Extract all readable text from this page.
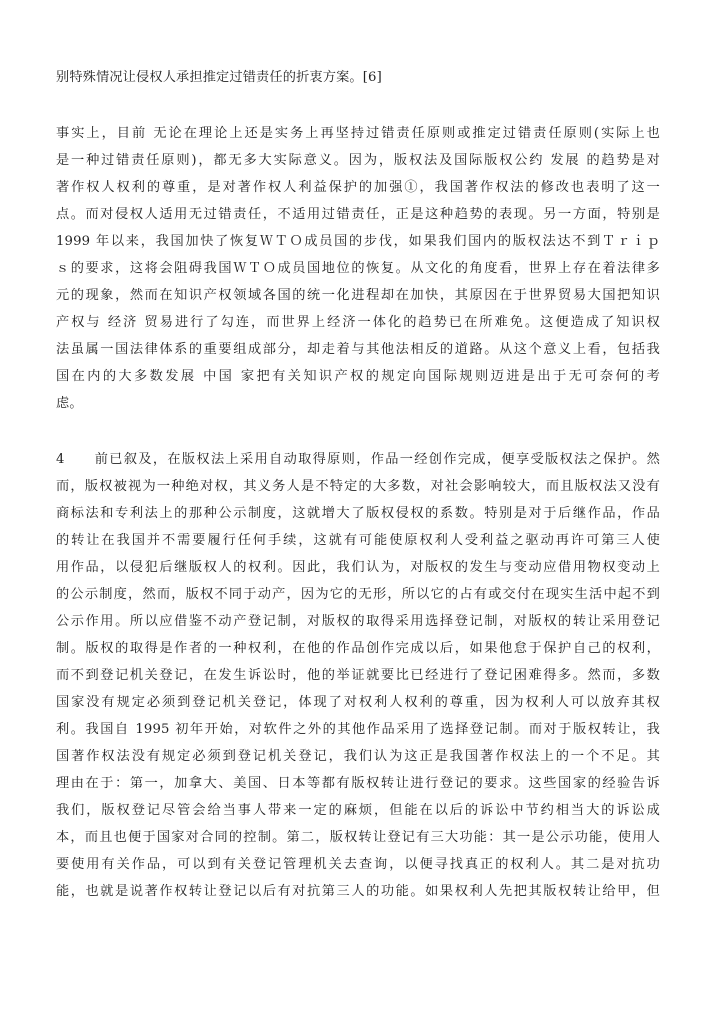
别特殊情况让侵权人承担推定过错责任的折衷方案。[6]
事实上，目前 无论在理论上还是实务上再坚持过错责任原则或推定过错责任原则(实际上也
是一种过错责任原则)，都无多大实际意义。因为，版权法及国际版权公约 发展 的趋势是对
著作权人权利的尊重，是对著作权人利益保护的加强①，我国著作权法的修改也表明了这一
点。而对侵权人适用无过错责任，不适用过错责任，正是这种趋势的表现。另一方面，特别是
1999 年以来，我国加快了恢复ＷＴＯ成员国的步伐，如果我们国内的版权法达不到Ｔｒｉｐ
ｓ的要求，这将会阻碍我国ＷＴＯ成员国地位的恢复。从文化的角度看，世界上存在着法律多
元的现象，然而在知识产权领域各国的统一化进程却在加快，其原因在于世界贸易大国把知识
产权与 经济 贸易进行了勾连，而世界上经济一体化的趋势已在所难免。这便造成了知识权
法虽属一国法律体系的重要组成部分，却走着与其他法相反的道路。从这个意义上看，包括我
国在内的大多数发展 中国 家把有关知识产权的规定向国际规则迈进是出于无可奈何的考
虑。
4　　前已叙及，在版权法上采用自动取得原则，作品一经创作完成，便享受版权法之保护。然
而，版权被视为一种绝对权，其义务人是不特定的大多数，对社会影响较大，而且版权法又没有
商标法和专利法上的那种公示制度，这就增大了版权侵权的系数。特别是对于后继作品，作品
的转让在我国并不需要履行任何手续，这就有可能使原权利人受利益之驱动再许可第三人使
用作品，以侵犯后继版权人的权利。因此，我们认为，对版权的发生与变动应借用物权变动上
的公示制度，然而，版权不同于动产，因为它的无形，所以它的占有或交付在现实生活中起不到
公示作用。所以应借鉴不动产登记制，对版权的取得采用选择登记制，对版权的转让采用登记
制。版权的取得是作者的一种权利，在他的作品创作完成以后，如果他怠于保护自己的权利，
而不到登记机关登记，在发生诉讼时，他的举证就要比已经进行了登记困难得多。然而，多数
国家没有规定必须到登记机关登记，体现了对权利人权利的尊重，因为权利人可以放弃其权
利。我国自 1995 初年开始，对软件之外的其他作品采用了选择登记制。而对于版权转让，我
国著作权法没有规定必须到登记机关登记，我们认为这正是我国著作权法上的一个不足。其
理由在于：第一，加拿大、美国、日本等都有版权转让进行登记的要求。这些国家的经验告诉
我们，版权登记尽管会给当事人带来一定的麻烦，但能在以后的诉讼中节约相当大的诉讼成
本，而且也便于国家对合同的控制。第二，版权转让登记有三大功能：其一是公示功能，使用人
要使用有关作品，可以到有关登记管理机关去查询，以便寻找真正的权利人。其二是对抗功
能，也就是说著作权转让登记以后有对抗第三人的功能。如果权利人先把其版权转让给甲，但
